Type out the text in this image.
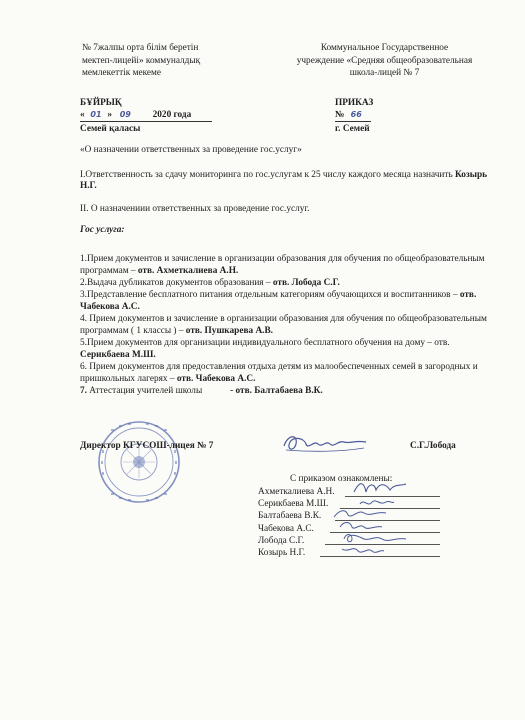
№ 7жалпы орта білім беретін
мектеп-лицейі» коммуналдық
мемлекеттік мекеме
Коммунальное Государственное
учреждение «Средняя общеобразовательная
школа-лицей № 7
БҰЙРЫҚ
« 01 » 09 2020 года
Семей қаласы
ПРИКАЗ
№ 66
г. Семей
«О назначении ответственных за проведение гос.услуг»
І.Ответственность за сдачу мониторинга по гос.услугам к 25 числу каждого месяца назначить Козырь Н.Г.
ІІ. О назначениии ответственных за проведение гос.услуг.
Гос услуга:
1.Прием документов и зачисление в организации образования для обучения по общеобразовательным программам – отв. Ахметкалиева А.Н.
2.Выдача дубликатов документов образования – отв. Лобода С.Г.
3.Представление бесплатного питания отдельным категориям обучающихся и воспитанников – отв. Чабекова А.С.
4. Прием документов и зачисление в организации образования для обучения по общеобразовательным программам ( 1 классы ) – отв. Пушкарева А.В.
5.Прием документов для организации индивидуального бесплатного обучения на дому – отв. Серикбаева М.Ш.
6. Прием документов для предоставления отдыха детям из малообеспеченных семей в загородных и пришкольных лагерях – отв. Чабекова А.С.
7. Аттестация учителей школы            - отв. Балтабаева В.К.
Директор КГУСОШ-лицея № 7	С.Г.Лобода
С приказом ознакомлены:
Ахметкалиева А.Н.
Серикбаева М.Ш.
Балтабаева В.К.
Чабекова А.С.
Лобода С.Г.
Козырь Н.Г.
